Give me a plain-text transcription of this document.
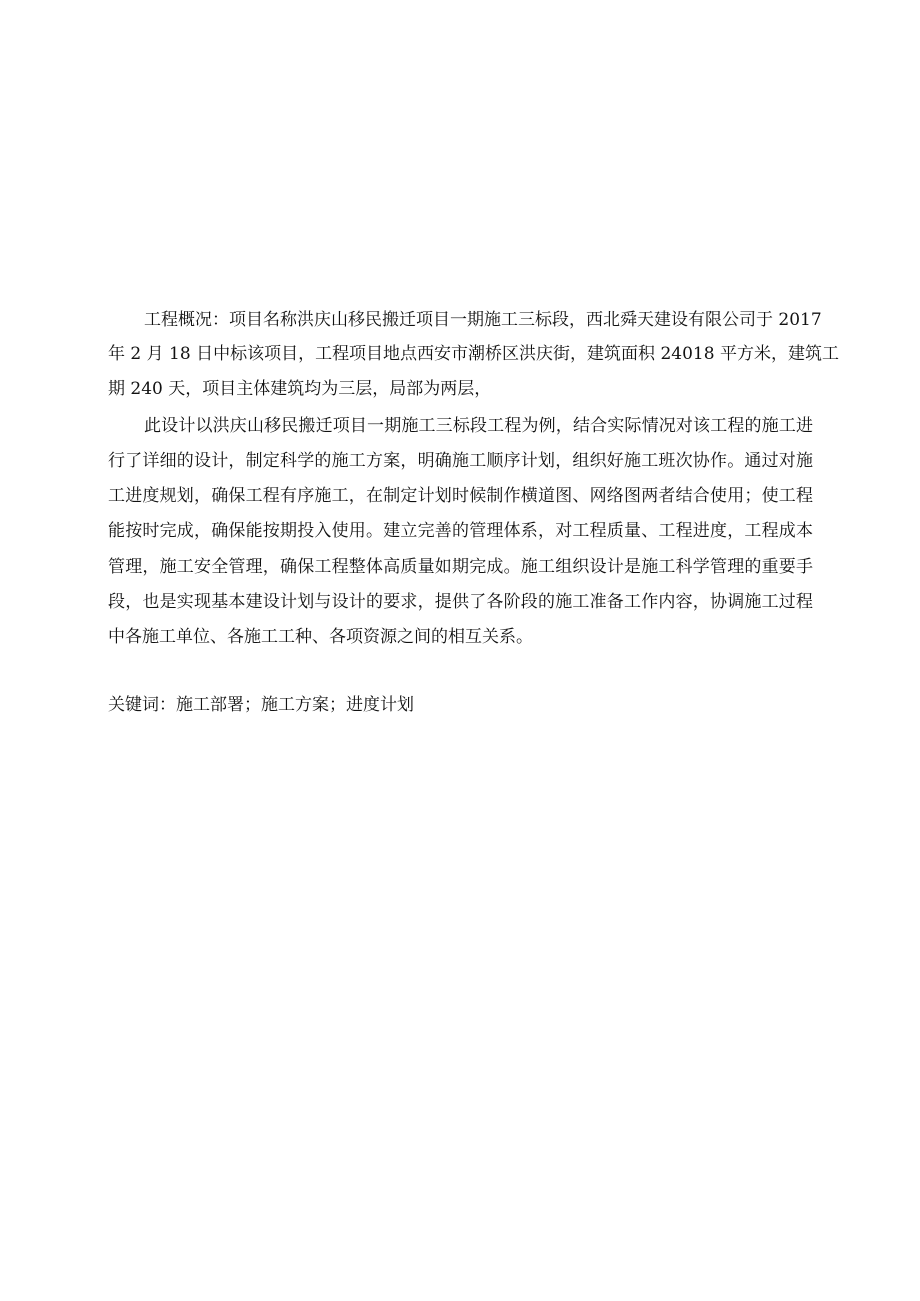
工程概况：项目名称洪庆山移民搬迁项目一期施工三标段，西北舜天建设有限公司于 2017
年 2 月 18 日中标该项目，工程项目地点西安市潮桥区洪庆街，建筑面积 24018 平方米，建筑工
期 240 天，项目主体建筑均为三层，局部为两层，
此设计以洪庆山移民搬迁项目一期施工三标段工程为例，结合实际情况对该工程的施工进
行了详细的设计，制定科学的施工方案，明确施工顺序计划，组织好施工班次协作。通过对施
工进度规划，确保工程有序施工，在制定计划时候制作横道图、网络图两者结合使用；使工程
能按时完成，确保能按期投入使用。建立完善的管理体系，对工程质量、工程进度，工程成本
管理，施工安全管理，确保工程整体高质量如期完成。施工组织设计是施工科学管理的重要手
段，也是实现基本建设计划与设计的要求，提供了各阶段的施工准备工作内容，协调施工过程
中各施工单位、各施工工种、各项资源之间的相互关系。
关键词：施工部署；施工方案；进度计划
